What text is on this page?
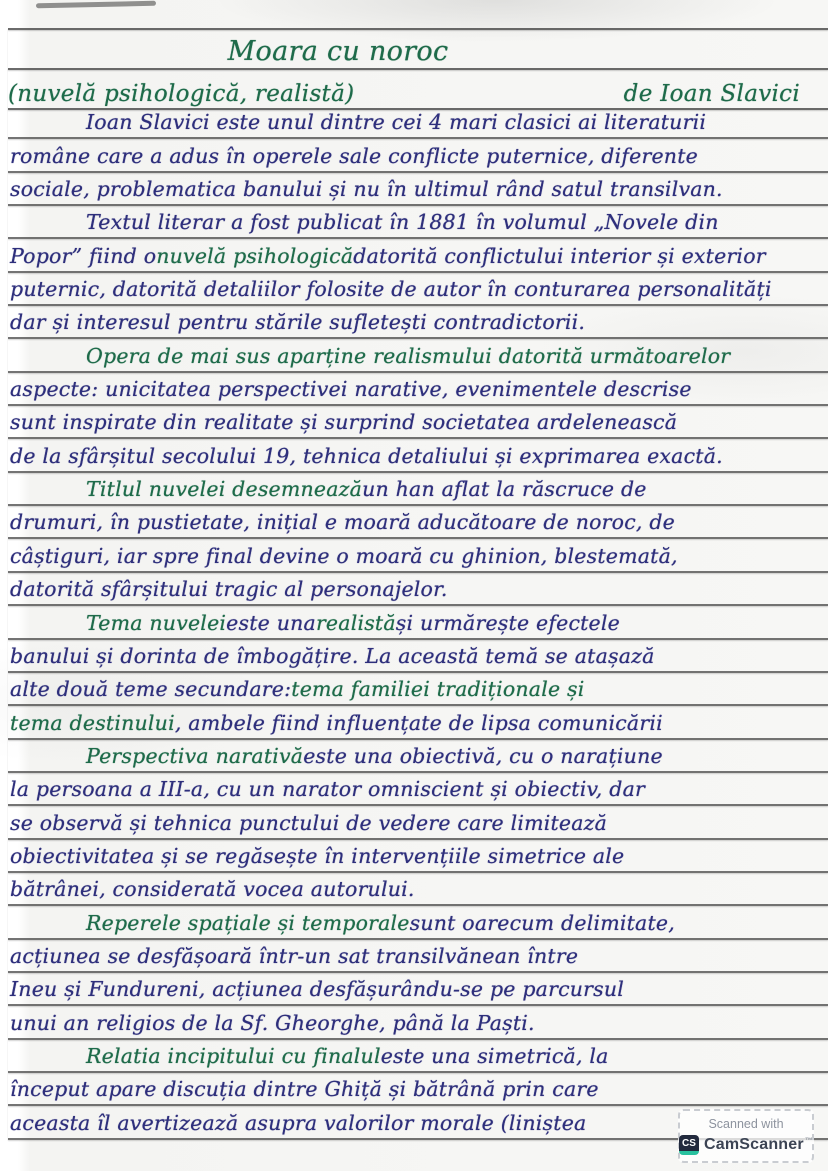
Moara cu noroc
(nuvelă psihologică, realistă)	de Ioan Slavici
Ioan Slavici este unul dintre cei 4 mari clasici ai literaturii
române care a adus în operele sale conflicte puternice, diferente
sociale, problematica banului și nu în ultimul rând satul transilvan.
Textul literar a fost publicat în 1881 în volumul „Novele din
Popor” fiind o nuvelă psihologică datorită conflictului interior și exterior
puternic, datorită detaliilor folosite de autor în conturarea personalități
dar și interesul pentru stările sufletești contradictorii.
Opera de mai sus aparține realismului datorită următoarelor
aspecte: unicitatea perspectivei narative, evenimentele descrise
sunt inspirate din realitate și surprind societatea ardelenească
de la sfârșitul secolului 19, tehnica detaliului și exprimarea exactă.
Titlul nuvelei desemnează un han aflat la răscruce de
drumuri, în pustietate, inițial e moară aducătoare de noroc, de
câștiguri, iar spre final devine o moară cu ghinion, blestemată,
datorită sfârșitului tragic al personajelor.
Tema nuvelei este una realistă și urmărește efectele
banului și dorinta de îmbogățire. La această temă se atașază
alte două teme secundare: tema familiei tradiționale și
tema destinului , ambele fiind influențate de lipsa comunicării
Perspectiva narativă este una obiectivă, cu o narațiune
la persoana a III-a, cu un narator omniscient și obiectiv, dar
se observă și tehnica punctului de vedere care limitează
obiectivitatea și se regăsește în intervențiile simetrice ale
bătrânei, considerată vocea autorului.
Reperele spațiale și temporale sunt oarecum delimitate,
acțiunea se desfășoară într-un sat transilvănean între
Ineu și Fundureni, acțiunea desfășurându-se pe parcursul
unui an religios de la Sf. Gheorghe, până la Paști.
Relatia incipitului cu finalul este una simetrică, la
început apare discuția dintre Ghiță și bătrână prin care
aceasta îl avertizează asupra valorilor morale (liniștea	Scanned with
CS CamScanner™
